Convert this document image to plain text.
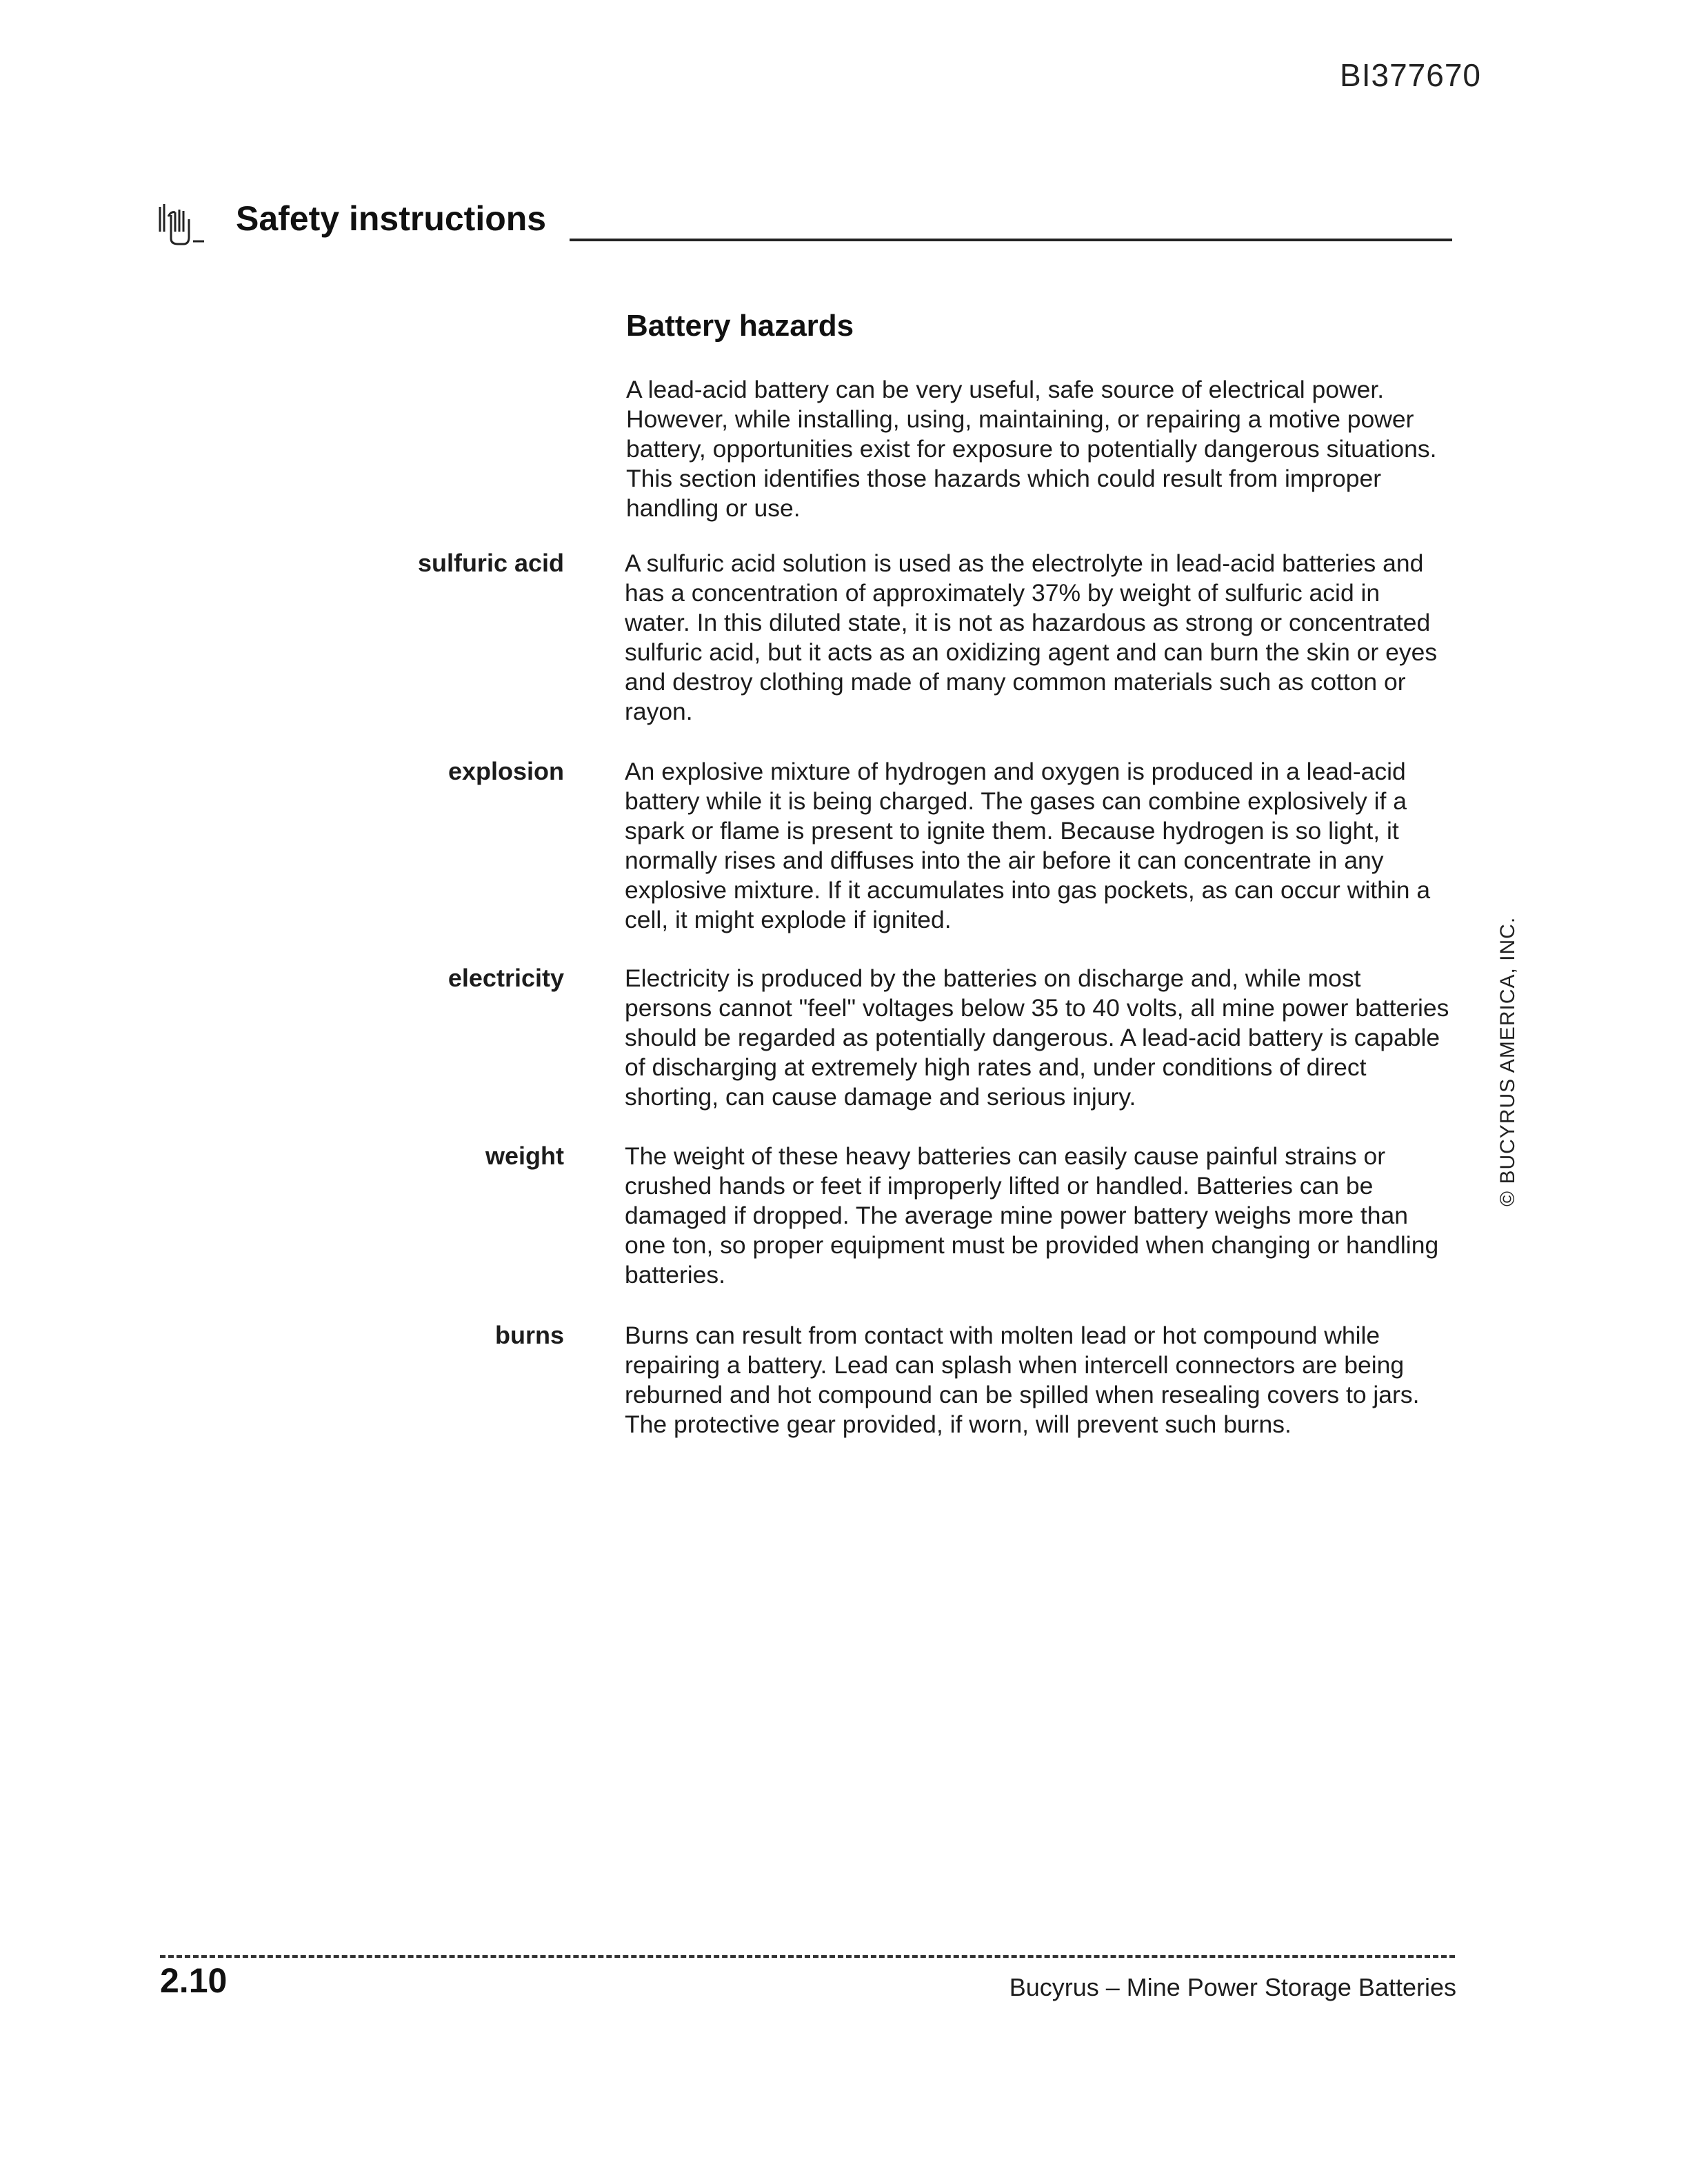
BI377670
Safety instructions
Battery hazards
A lead-acid battery can be very useful, safe source of electrical power. However, while installing, using, maintaining, or repairing a motive power battery, opportunities exist for exposure to potentially dangerous situations. This section identifies those hazards which could result from improper handling or use.
sulfuric acid A sulfuric acid solution is used as the electrolyte in lead-acid batteries and has a concentration of approximately 37% by weight of sulfuric acid in water. In this diluted state, it is not as hazardous as strong or concentrated sulfuric acid, but it acts as an oxidizing agent and can burn the skin or eyes and destroy clothing made of many common materials such as cotton or rayon.
explosion An explosive mixture of hydrogen and oxygen is produced in a lead-acid battery while it is being charged. The gases can combine explosively if a spark or flame is present to ignite them. Because hydrogen is so light, it normally rises and diffuses into the air before it can concentrate in any explosive mixture. If it accumulates into gas pockets, as can occur within a cell, it might explode if ignited.
electricity Electricity is produced by the batteries on discharge and, while most persons cannot "feel" voltages below 35 to 40 volts, all mine power batteries should be regarded as potentially dangerous. A lead-acid battery is capable of discharging at extremely high rates and, under conditions of direct shorting, can cause damage and serious injury.
weight The weight of these heavy batteries can easily cause painful strains or crushed hands or feet if improperly lifted or handled. Batteries can be damaged if dropped. The average mine power battery weighs more than one ton, so proper equipment must be provided when changing or handling batteries.
burns Burns can result from contact with molten lead or hot compound while repairing a battery. Lead can splash when intercell connectors are being reburned and hot compound can be spilled when resealing covers to jars. The protective gear provided, if worn, will prevent such burns.
© BUCYRUS AMERICA, INC.
2.10	Bucyrus – Mine Power Storage Batteries
